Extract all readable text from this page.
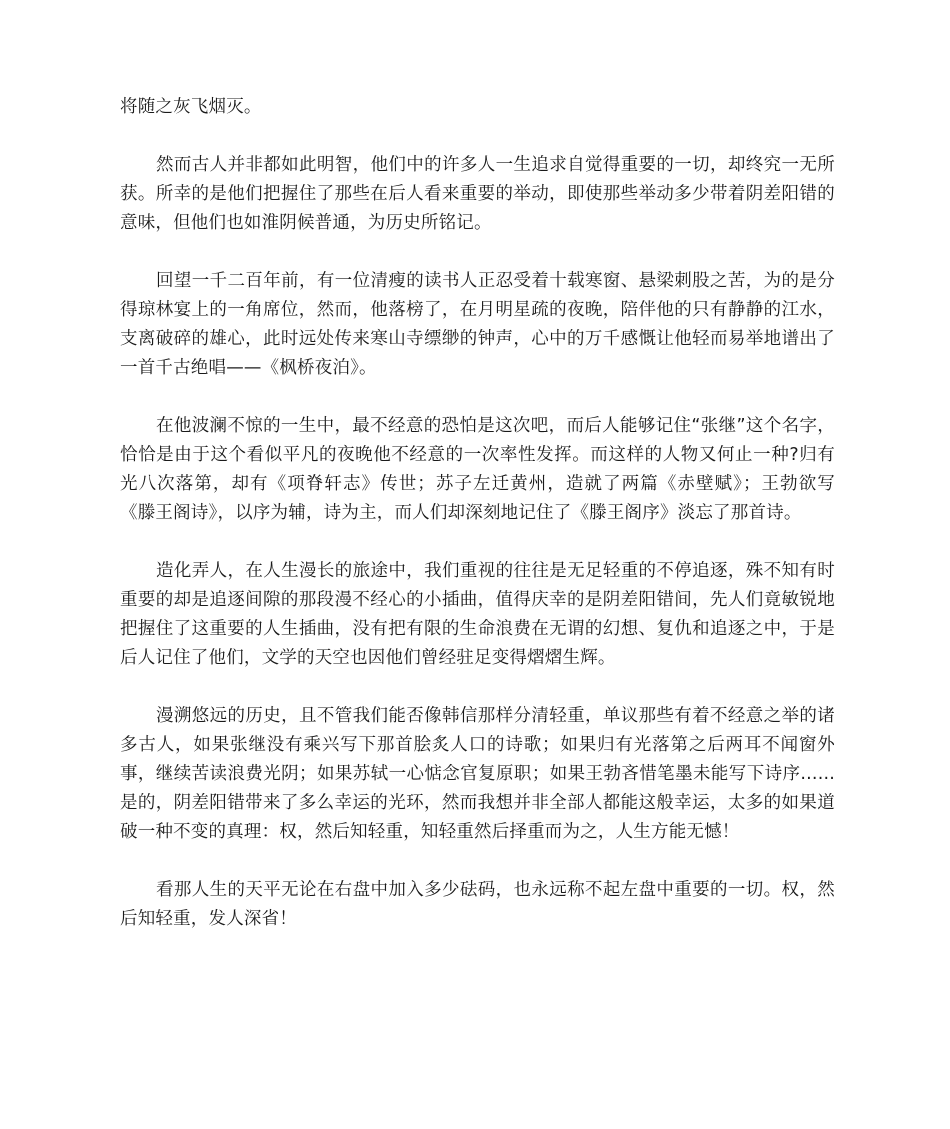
将随之灰飞烟灭。

然而古人并非都如此明智，他们中的许多人一生追求自觉得重要的一切，却终究一无所获。所幸的是他们把握住了那些在后人看来重要的举动，即使那些举动多少带着阴差阳错的意味，但他们也如淮阴候普通，为历史所铭记。

回望一千二百年前，有一位清瘦的读书人正忍受着十载寒窗、悬梁刺股之苦，为的是分得琼林宴上的一角席位，然而，他落榜了，在月明星疏的夜晚，陪伴他的只有静静的江水，支离破碎的雄心，此时远处传来寒山寺缥缈的钟声，心中的万千感慨让他轻而易举地谱出了一首千古绝唱——《枫桥夜泊》。

在他波澜不惊的一生中，最不经意的恐怕是这次吧，而后人能够记住“张继”这个名字，恰恰是由于这个看似平凡的夜晚他不经意的一次率性发挥。而这样的人物又何止一种?归有光八次落第，却有《项脊轩志》传世；苏子左迁黄州，造就了两篇《赤壁赋》；王勃欲写《滕王阁诗》，以序为辅，诗为主，而人们却深刻地记住了《滕王阁序》淡忘了那首诗。

造化弄人，在人生漫长的旅途中，我们重视的往往是无足轻重的不停追逐，殊不知有时重要的却是追逐间隙的那段漫不经心的小插曲，值得庆幸的是阴差阳错间，先人们竟敏锐地把握住了这重要的人生插曲，没有把有限的生命浪费在无谓的幻想、复仇和追逐之中，于是后人记住了他们，文学的天空也因他们曾经驻足变得熠熠生辉。

漫溯悠远的历史，且不管我们能否像韩信那样分清轻重，单议那些有着不经意之举的诸多古人，如果张继没有乘兴写下那首脍炙人口的诗歌；如果归有光落第之后两耳不闻窗外事，继续苦读浪费光阴；如果苏轼一心惦念官复原职；如果王勃吝惜笔墨未能写下诗序......是的，阴差阳错带来了多么幸运的光环，然而我想并非全部人都能这般幸运，太多的如果道破一种不变的真理：权，然后知轻重，知轻重然后择重而为之，人生方能无憾！

看那人生的天平无论在右盘中加入多少砝码，也永远称不起左盘中重要的一切。权，然后知轻重，发人深省！
